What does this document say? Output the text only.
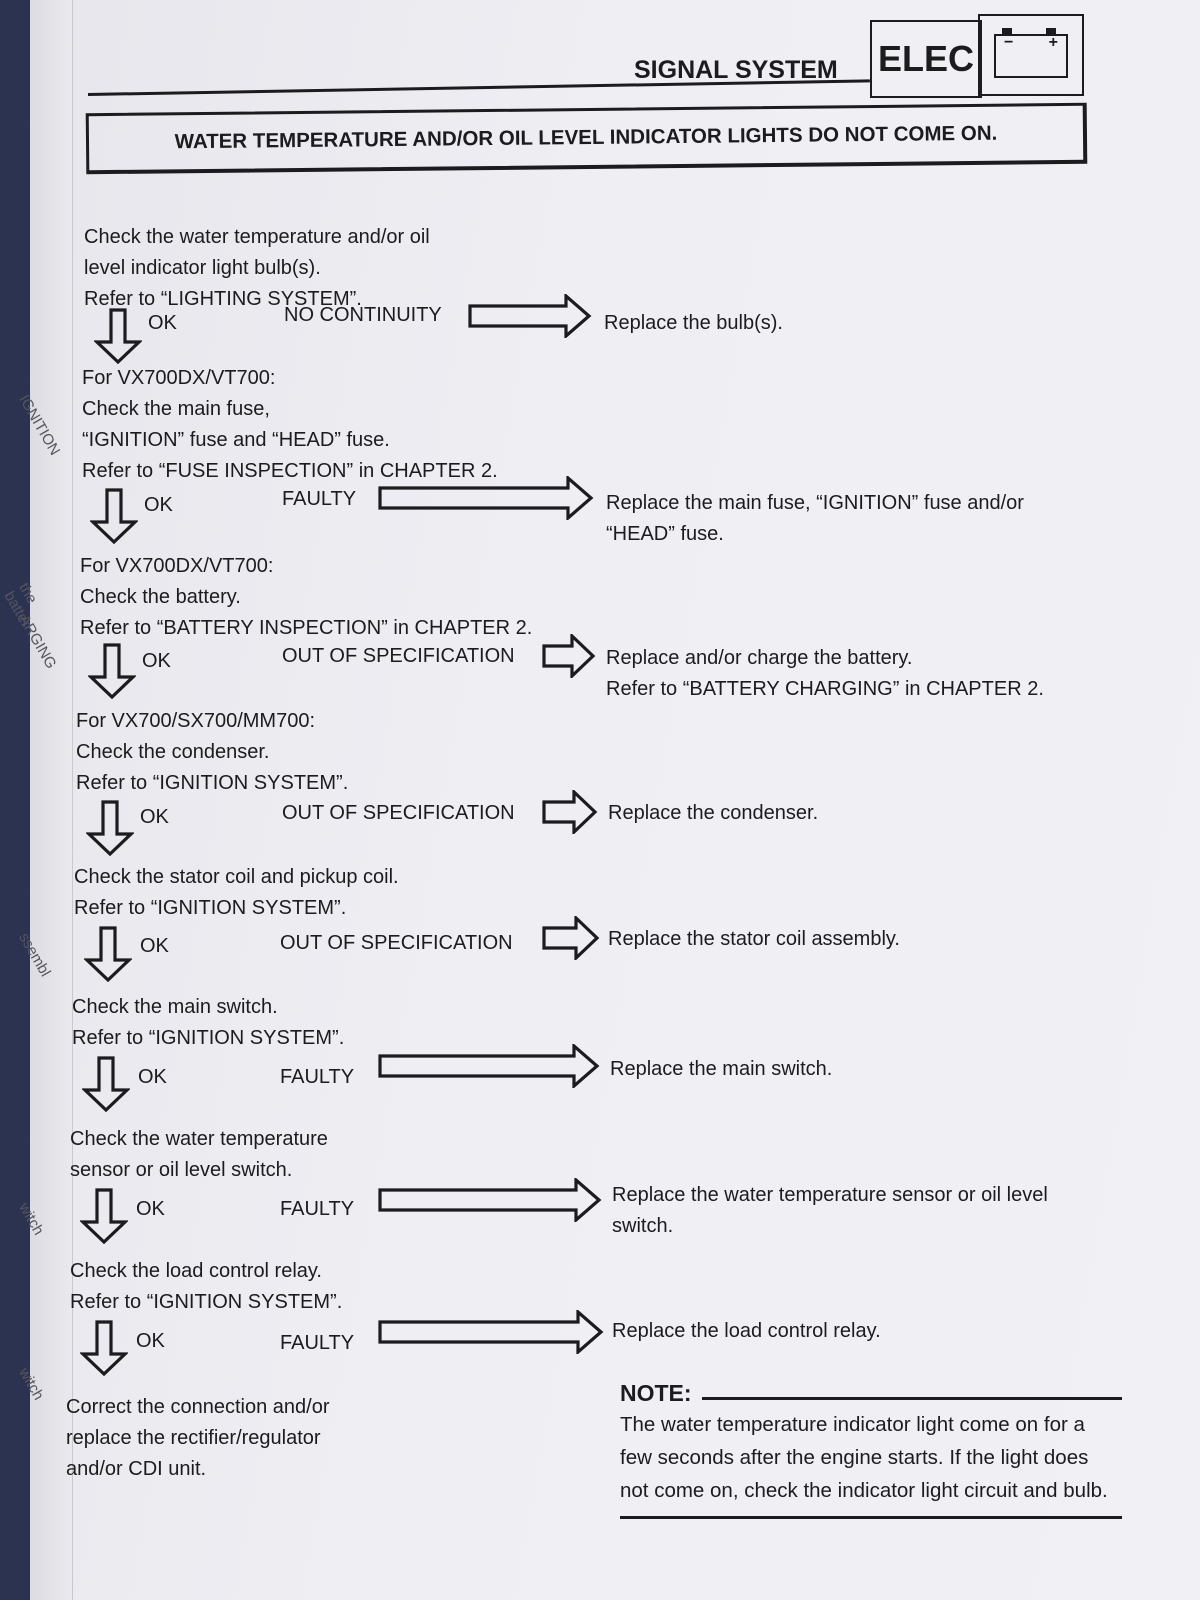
IGNITION
the batter
ARGING
ssembl
witch
witch
SIGNAL SYSTEM ELEC	− +
WATER TEMPERATURE AND/OR OIL LEVEL INDICATOR LIGHTS DO NOT COME ON.
Check the water temperature and/or oil
level indicator light bulb(s).
Refer to “LIGHTING SYSTEM”.
OK	NO CONTINUITY	Replace the bulb(s).
For VX700DX/VT700:
Check the main fuse,
“IGNITION” fuse and “HEAD” fuse.
Refer to “FUSE INSPECTION” in CHAPTER 2.
OK	FAULTY	Replace the main fuse, “IGNITION” fuse and/or
“HEAD” fuse.
For VX700DX/VT700:
Check the battery.
Refer to “BATTERY INSPECTION” in CHAPTER 2.
OK	OUT OF SPECIFICATION	Replace and/or charge the battery.
Refer to “BATTERY CHARGING” in CHAPTER 2.
For VX700/SX700/MM700:
Check the condenser.
Refer to “IGNITION SYSTEM”.
OK	OUT OF SPECIFICATION	Replace the condenser.
Check the stator coil and pickup coil.
Refer to “IGNITION SYSTEM”.
OK	OUT OF SPECIFICATION	Replace the stator coil assembly.
Check the main switch.
Refer to “IGNITION SYSTEM”.
OK	FAULTY	Replace the main switch.
Check the water temperature
sensor or oil level switch.
OK	FAULTY
Replace the water temperature sensor or oil level
switch.
Check the load control relay.
Refer to “IGNITION SYSTEM”.
OK	FAULTY
Replace the load control relay.
Correct the connection and/or
replace the rectifier/regulator
and/or CDI unit.
NOTE:
The water temperature indicator light come on for a
few seconds after the engine starts. If the light does
not come on, check the indicator light circuit and bulb.
